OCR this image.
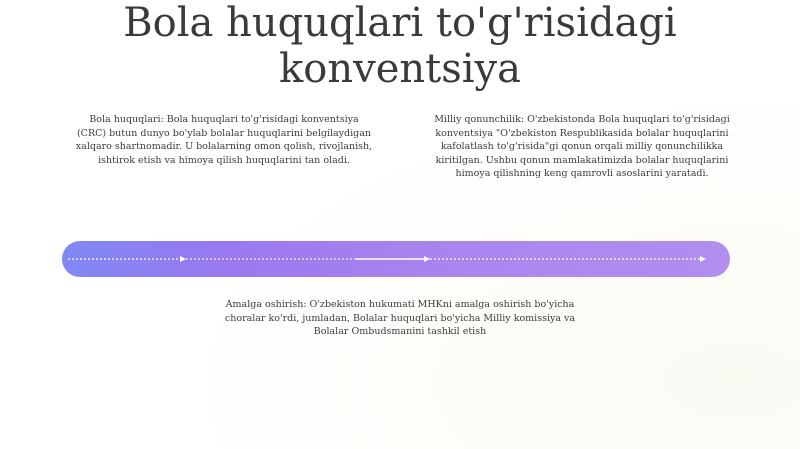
Bola huquqlari to'g'risidagi konventsiya

Bola huquqlari: Bola huquqlari to'g'risidagi konventsiya (CRC) butun dunyo bo'ylab bolalar huquqlarini belgilaydigan xalqaro shartnomadir. U bolalarning omon qolish, rivojlanish, ishtirok etish va himoya qilish huquqlarini tan oladi.

Milliy qonunchilik: O'zbekistonda Bola huquqlari to'g'risidagi konventsiya "O'zbekiston Respublikasida bolalar huquqlarini kafolatlash to'g'risida"gi qonun orqali milliy qonunchilikka kiritilgan. Ushbu qonun mamlakatimizda bolalar huquqlarini himoya qilishning keng qamrovli asoslarini yaratadi.

Amalga oshirish: O'zbekiston hukumati MHKni amalga oshirish bo'yicha choralar ko'rdi, jumladan, Bolalar huquqlari bo'yicha Milliy komissiya va Bolalar Ombudsmanini tashkil etish
